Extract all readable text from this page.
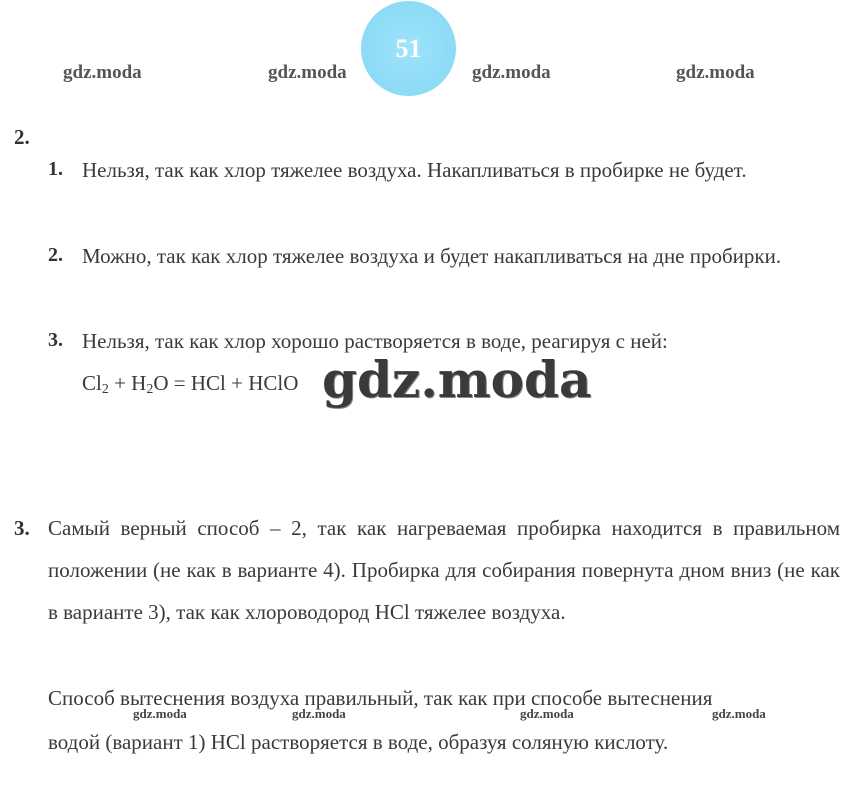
gdz.moda	gdz.moda	gdz.moda	gdz.moda
51
2.
1. Нельзя, так как хлор тяжелее воздуха. Накапливаться в пробирке не будет.
2. Можно, так как хлор тяжелее воздуха и будет накапливаться на дне пробирки.
3. Нельзя, так как хлор хорошо растворяется в воде, реагируя с ней:
$Cl_2 + H_2O$ = HCl + HClO gdz.moda
3. Самый верный способ – 2, так как нагреваемая пробирка находится в правильном положении (не как в варианте 4). Пробирка для собирания повернута дном вниз (не как в варианте 3), так как хлороводород HCl тяжелее воздуха.
Способ вытеснения воздуха правильный, так как при способе вытеснения
водой (вариант 1) HCl растворяется в воде, образуя соляную кислоту.
gdz.moda	gdz.moda	gdz.moda	gdz.moda
